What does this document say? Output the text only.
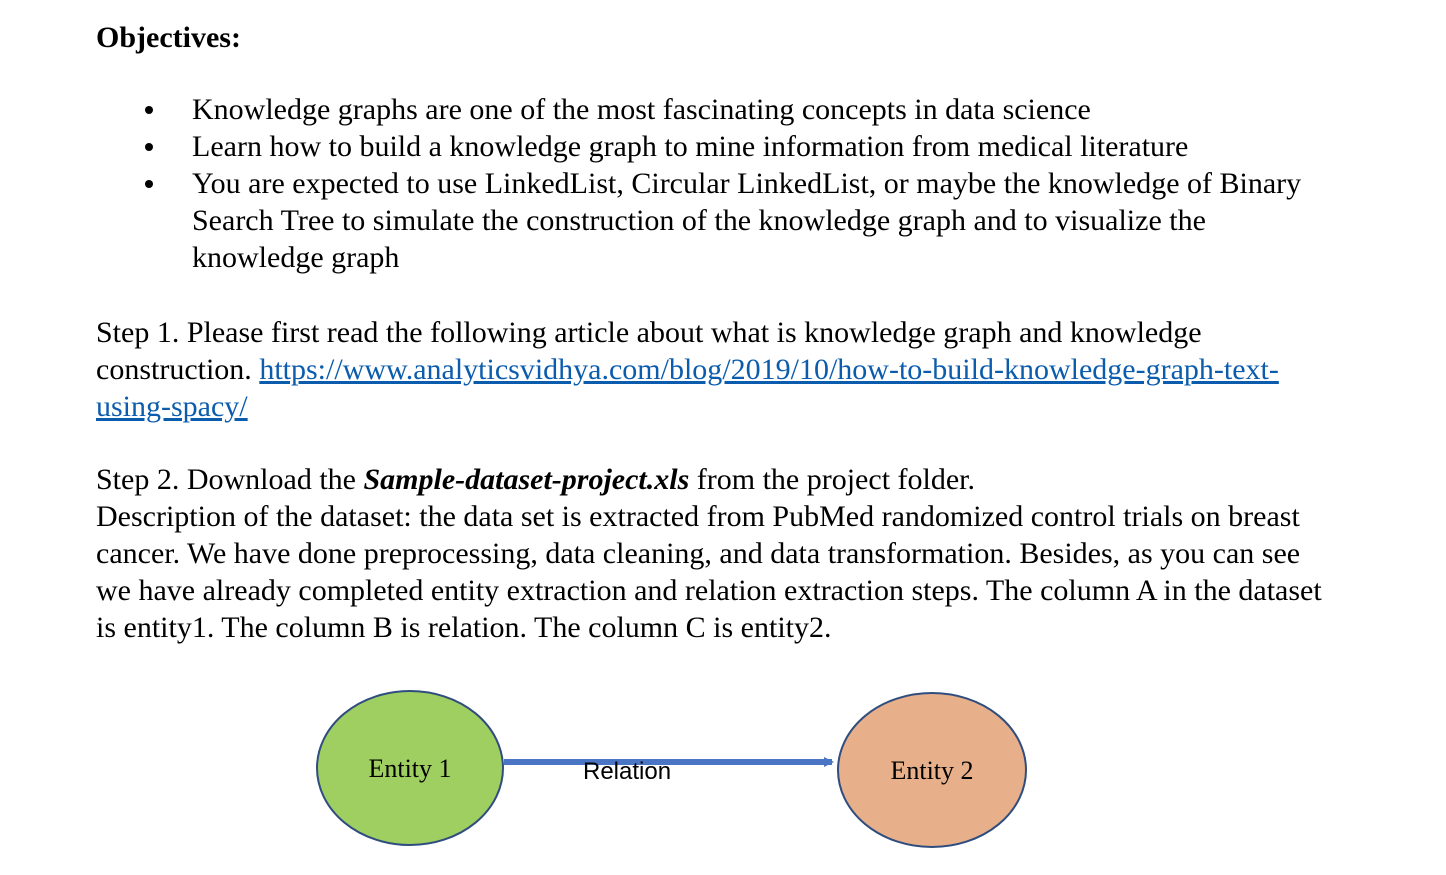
Objectives:
Knowledge graphs are one of the most fascinating concepts in data science
Learn how to build a knowledge graph to mine information from medical literature
You are expected to use LinkedList, Circular LinkedList, or maybe the knowledge of Binary Search Tree to simulate the construction of the knowledge graph and to visualize the knowledge graph

Step 1. Please first read the following article about what is knowledge graph and knowledge construction. https://www.analyticsvidhya.com/blog/2019/10/how-to-build-knowledge-graph-text-using-spacy/

Step 2. Download the Sample-dataset-project.xls from the project folder.
Description of the dataset: the data set is extracted from PubMed randomized control trials on breast cancer. We have done preprocessing, data cleaning, and data transformation. Besides, as you can see we have already completed entity extraction and relation extraction steps. The column A in the dataset is entity1. The column B is relation. The column C is entity2.

Entity 1	Relation	Entity 2
